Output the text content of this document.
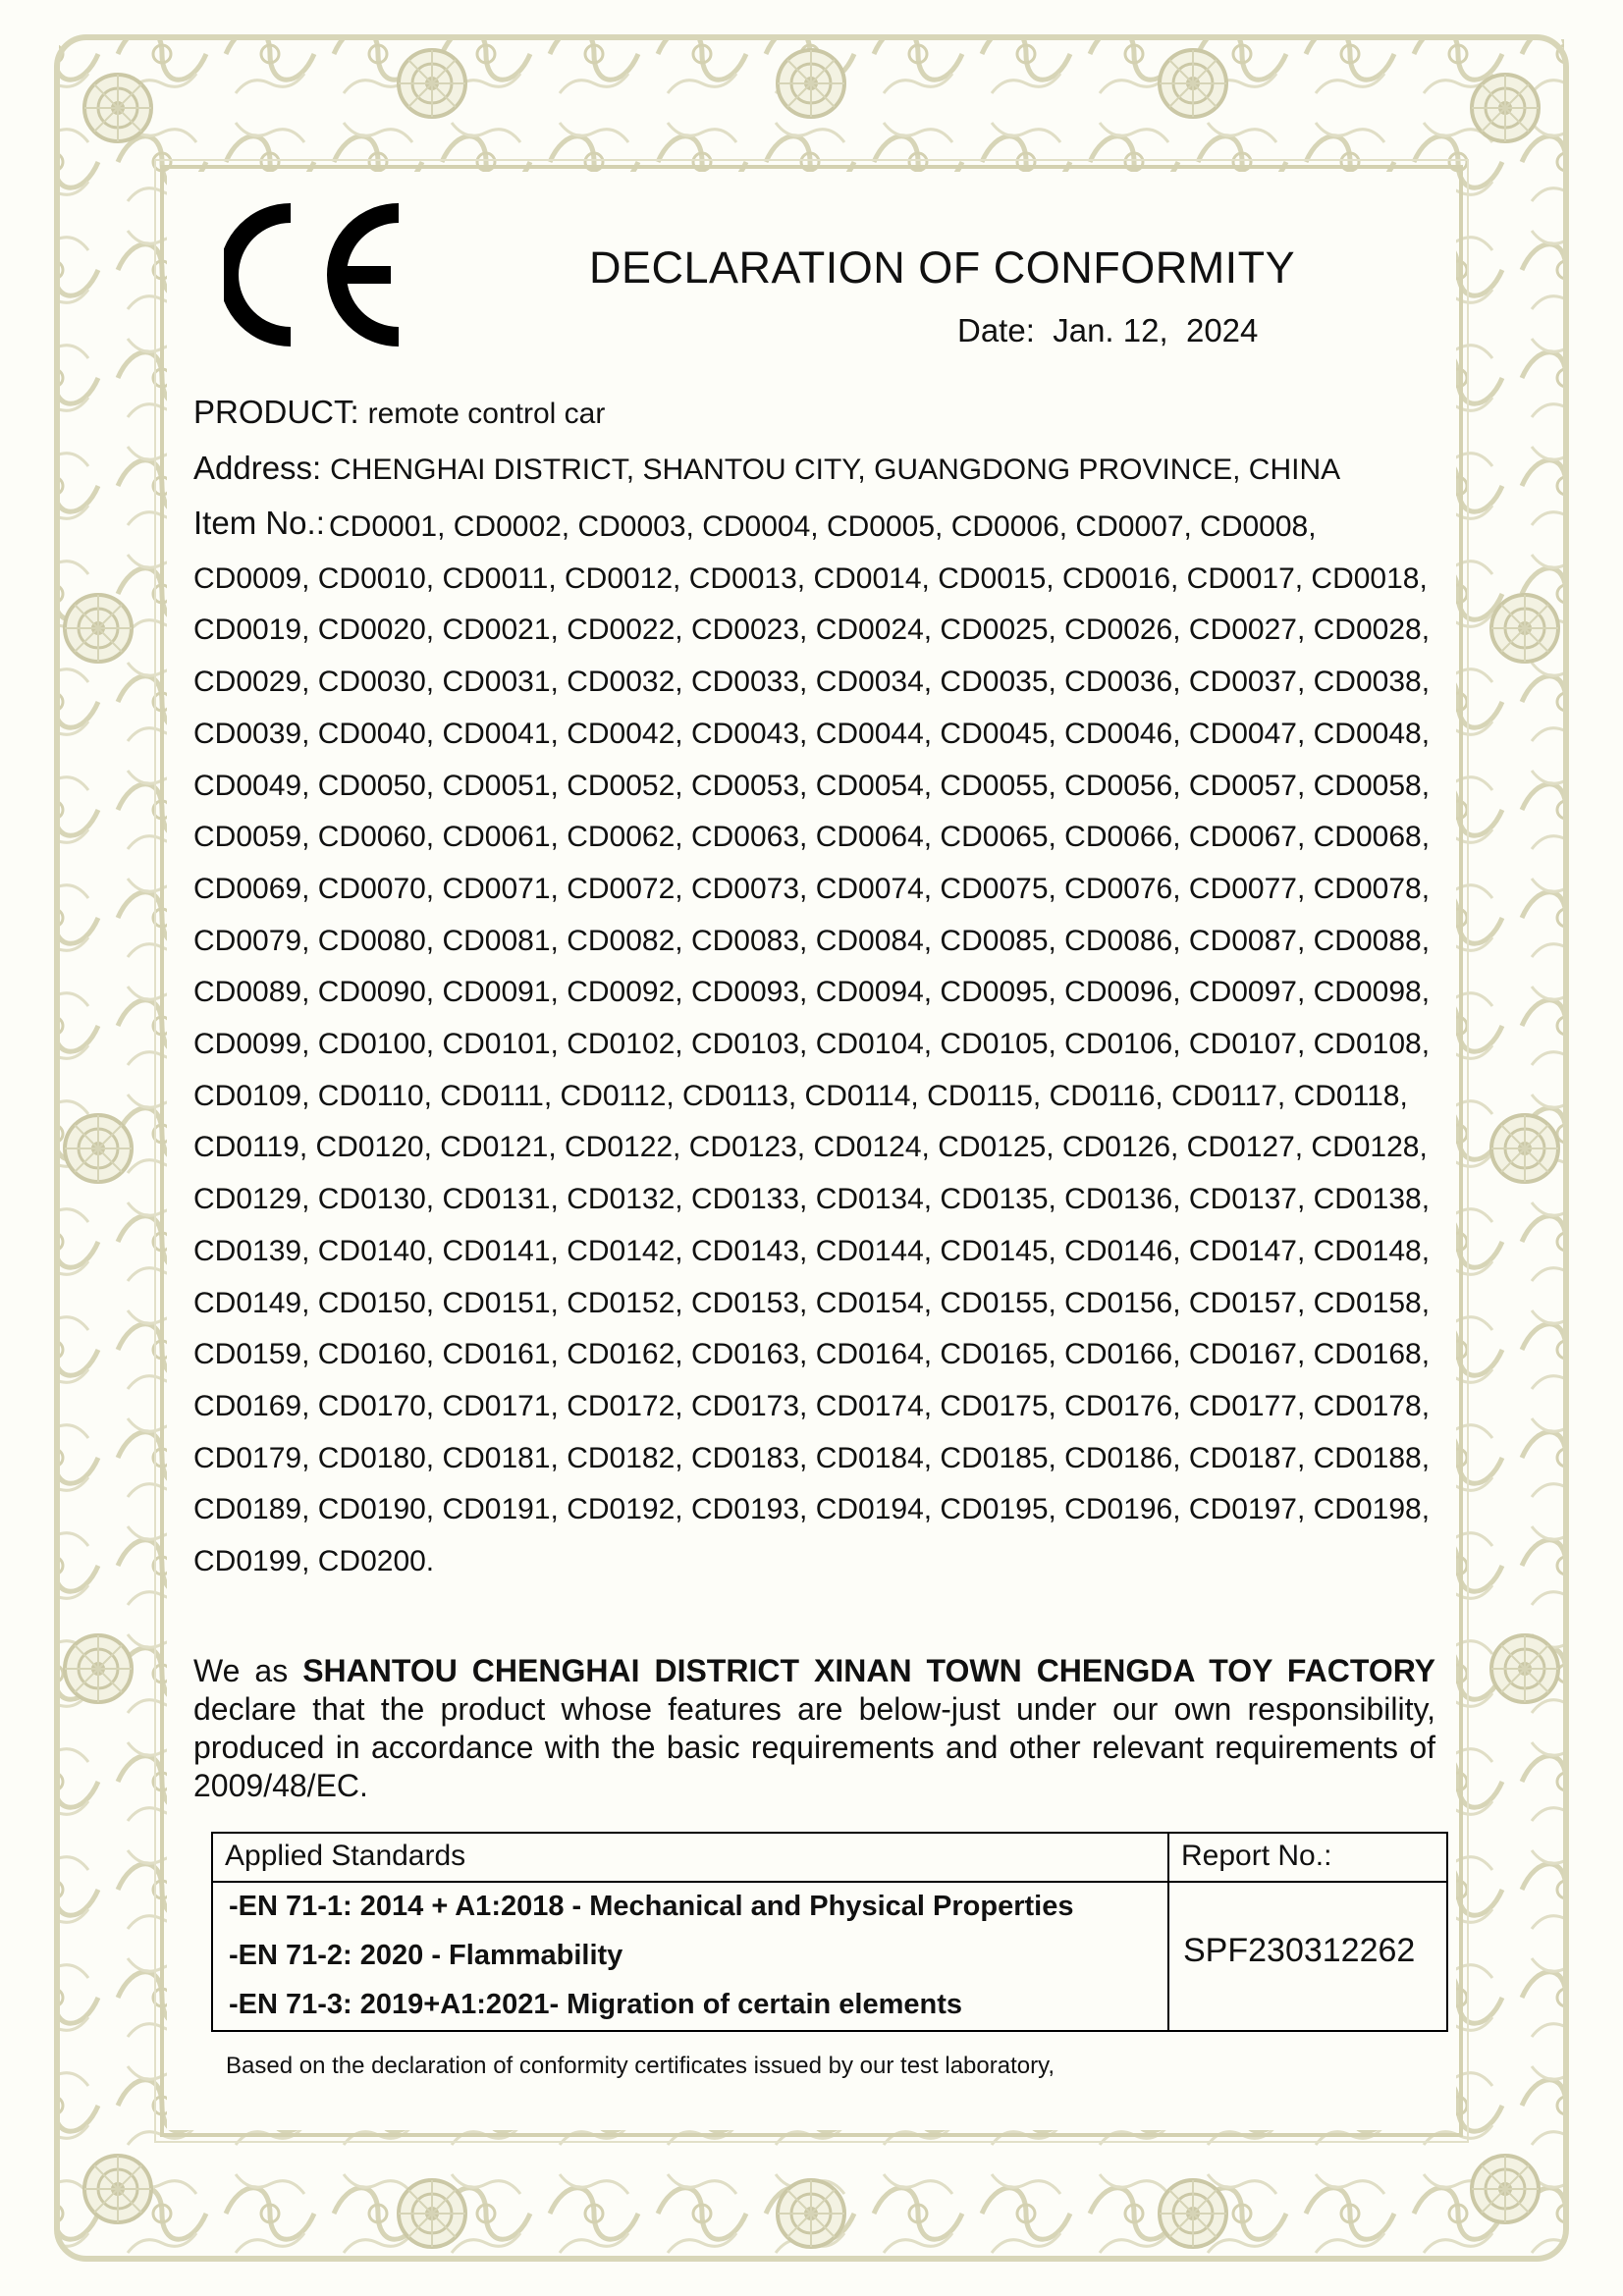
DECLARATION OF CONFORMITY
Date: Jan. 12,  2024
PRODUCT: remote control car
Address: CHENGHAI DISTRICT, SHANTOU CITY, GUANGDONG PROVINCE, CHINA
Item No.: CD0001, CD0002, CD0003, CD0004, CD0005, CD0006, CD0007, CD0008,
CD0009, CD0010, CD0011, CD0012, CD0013, CD0014, CD0015, CD0016, CD0017, CD0018,
CD0019, CD0020, CD0021, CD0022, CD0023, CD0024, CD0025, CD0026, CD0027, CD0028,
CD0029, CD0030, CD0031, CD0032, CD0033, CD0034, CD0035, CD0036, CD0037, CD0038,
CD0039, CD0040, CD0041, CD0042, CD0043, CD0044, CD0045, CD0046, CD0047, CD0048,
CD0049, CD0050, CD0051, CD0052, CD0053, CD0054, CD0055, CD0056, CD0057, CD0058,
CD0059, CD0060, CD0061, CD0062, CD0063, CD0064, CD0065, CD0066, CD0067, CD0068,
CD0069, CD0070, CD0071, CD0072, CD0073, CD0074, CD0075, CD0076, CD0077, CD0078,
CD0079, CD0080, CD0081, CD0082, CD0083, CD0084, CD0085, CD0086, CD0087, CD0088,
CD0089, CD0090, CD0091, CD0092, CD0093, CD0094, CD0095, CD0096, CD0097, CD0098,
CD0099, CD0100, CD0101, CD0102, CD0103, CD0104, CD0105, CD0106, CD0107, CD0108,
CD0109, CD0110, CD0111, CD0112, CD0113, CD0114, CD0115, CD0116, CD0117, CD0118,
CD0119, CD0120, CD0121, CD0122, CD0123, CD0124, CD0125, CD0126, CD0127, CD0128,
CD0129, CD0130, CD0131, CD0132, CD0133, CD0134, CD0135, CD0136, CD0137, CD0138,
CD0139, CD0140, CD0141, CD0142, CD0143, CD0144, CD0145, CD0146, CD0147, CD0148,
CD0149, CD0150, CD0151, CD0152, CD0153, CD0154, CD0155, CD0156, CD0157, CD0158,
CD0159, CD0160, CD0161, CD0162, CD0163, CD0164, CD0165, CD0166, CD0167, CD0168,
CD0169, CD0170, CD0171, CD0172, CD0173, CD0174, CD0175, CD0176, CD0177, CD0178,
CD0179, CD0180, CD0181, CD0182, CD0183, CD0184, CD0185, CD0186, CD0187, CD0188,
CD0189, CD0190, CD0191, CD0192, CD0193, CD0194, CD0195, CD0196, CD0197, CD0198,
CD0199, CD0200.
We as SHANTOU CHENGHAI DISTRICT XINAN TOWN CHENGDA TOY FACTORY declare that the product whose features are below-just under our own responsibility, produced in accordance with the basic requirements and other relevant requirements of 2009/48/EC.
Applied Standards	Report No.:
-EN 71-1: 2014 + A1:2018 - Mechanical and Physical Properties
-EN 71-2: 2020 - Flammability
-EN 71-3: 2019+A1:2021- Migration of certain elements
SPF230312262
Based on the declaration of conformity certificates issued by our test laboratory,
